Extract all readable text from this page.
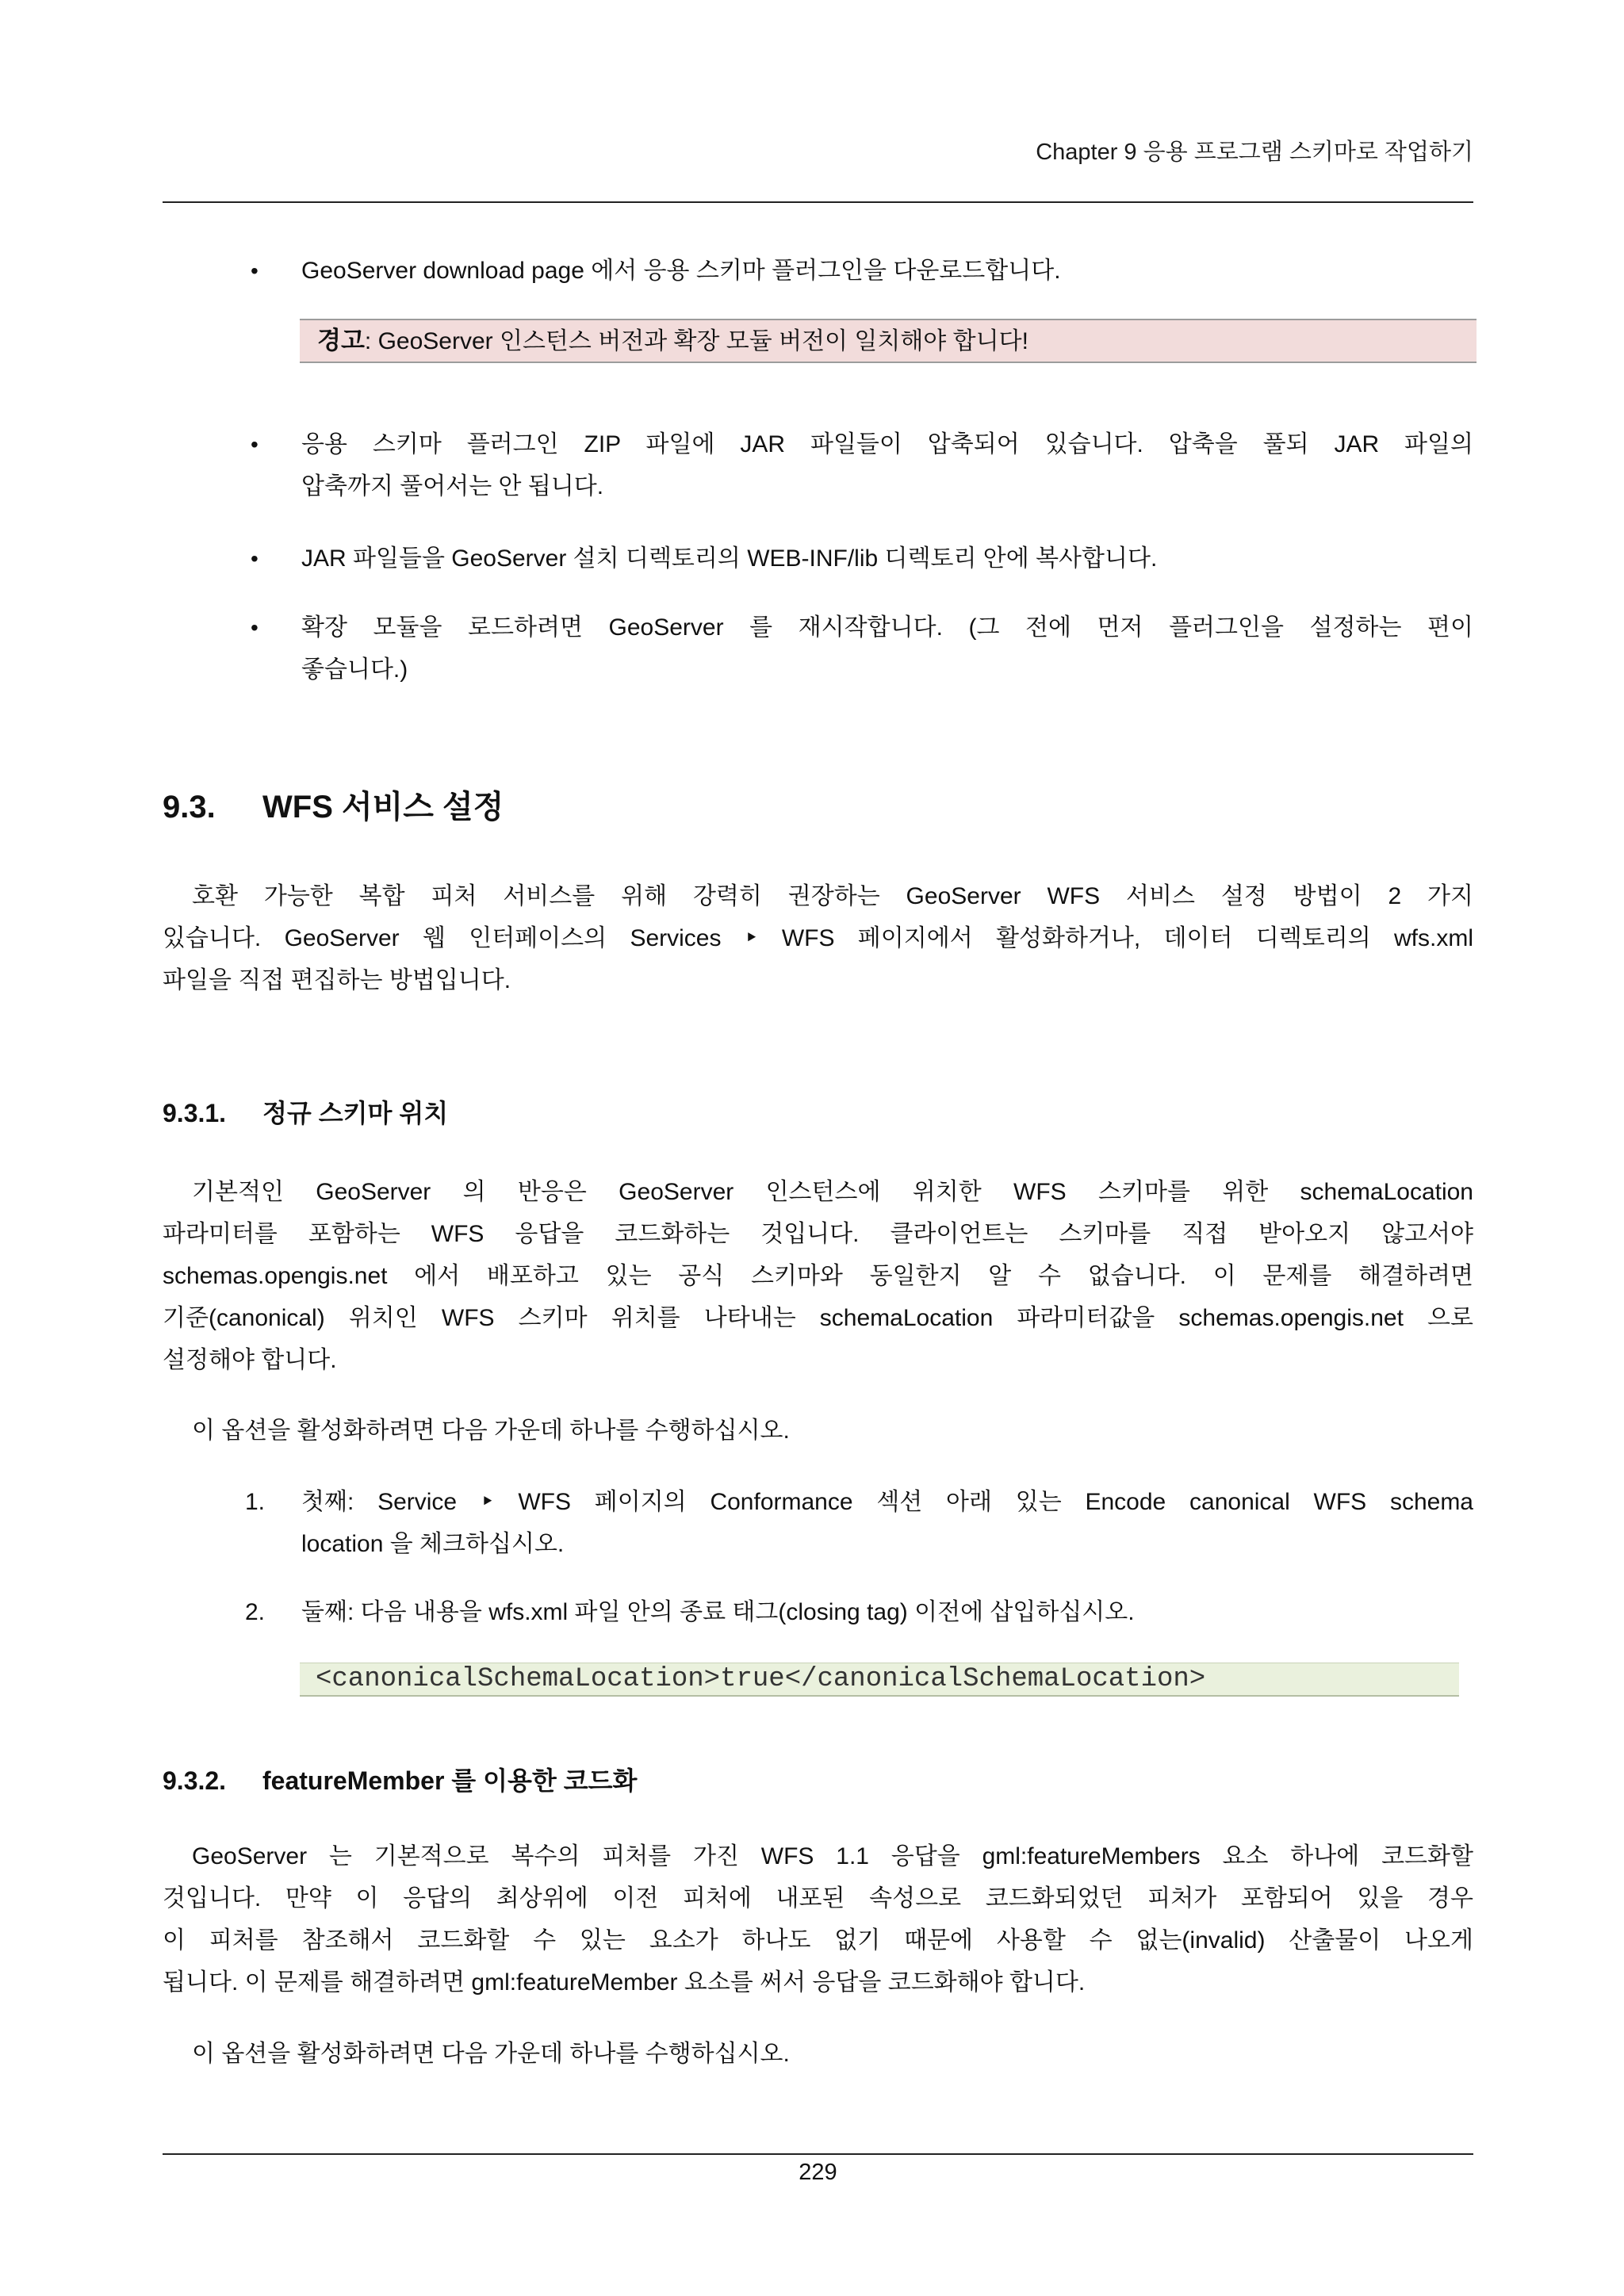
Chapter 9 응용 프로그램 스키마로 작업하기
• GeoServer download page 에서 응용 스키마 플러그인을 다운로드합니다.
경고: GeoServer 인스턴스 버전과 확장 모듈 버전이 일치해야 합니다!
• 응용 스키마 플러그인 ZIP 파일에 JAR 파일들이 압축되어 있습니다. 압축을 풀되 JAR 파일의
압축까지 풀어서는 안 됩니다.
• JAR 파일들을 GeoServer 설치 디렉토리의 WEB-INF/lib 디렉토리 안에 복사합니다.
• 확장 모듈을 로드하려면 GeoServer 를 재시작합니다. (그 전에 먼저 플러그인을 설정하는 편이
좋습니다.)
9.3. WFS 서비스 설정
호환 가능한 복합 피처 서비스를 위해 강력히 권장하는 GeoServer WFS 서비스 설정 방법이 2 가지
있습니다. GeoServer 웹 인터페이스의 Services ‣ WFS 페이지에서 활성화하거나, 데이터 디렉토리의 wfs.xml
파일을 직접 편집하는 방법입니다.
9.3.1. 정규 스키마 위치
기본적인 GeoServer 의 반응은 GeoServer 인스턴스에 위치한 WFS 스키마를 위한 schemaLocation
파라미터를 포함하는 WFS 응답을 코드화하는 것입니다. 클라이언트는 스키마를 직접 받아오지 않고서야
schemas.opengis.net 에서 배포하고 있는 공식 스키마와 동일한지 알 수 없습니다. 이 문제를 해결하려면
기준(canonical) 위치인 WFS 스키마 위치를 나타내는 schemaLocation 파라미터값을 schemas.opengis.net 으로
설정해야 합니다.
이 옵션을 활성화하려면 다음 가운데 하나를 수행하십시오.
1. 첫째: Service ‣ WFS 페이지의 Conformance 섹션 아래 있는 Encode canonical WFS schema
location 을 체크하십시오.
2. 둘째: 다음 내용을 wfs.xml 파일 안의 종료 태그(closing tag) 이전에 삽입하십시오.
<canonicalSchemaLocation>true</canonicalSchemaLocation>
9.3.2. featureMember 를 이용한 코드화
GeoServer 는 기본적으로 복수의 피처를 가진 WFS 1.1 응답을 gml:featureMembers 요소 하나에 코드화할
것입니다. 만약 이 응답의 최상위에 이전 피처에 내포된 속성으로 코드화되었던 피처가 포함되어 있을 경우
이 피처를 참조해서 코드화할 수 있는 요소가 하나도 없기 때문에 사용할 수 없는(invalid) 산출물이 나오게
됩니다. 이 문제를 해결하려면 gml:featureMember 요소를 써서 응답을 코드화해야 합니다.
이 옵션을 활성화하려면 다음 가운데 하나를 수행하십시오.
229
